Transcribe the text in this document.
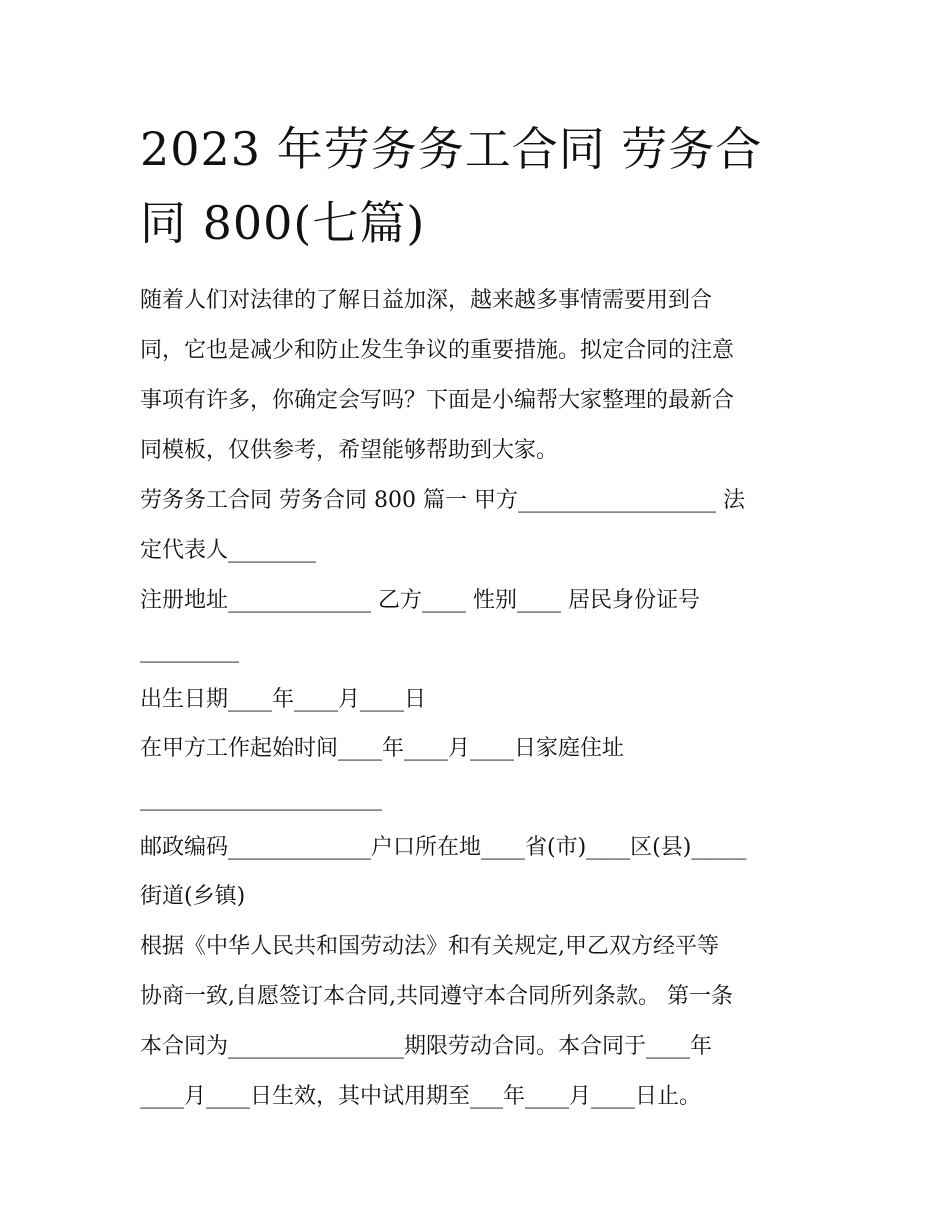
2023 年劳务务工合同 劳务合
同 800(七篇)
随着人们对法律的了解日益加深，越来越多事情需要用到合
同，它也是减少和防止发生争议的重要措施。拟定合同的注意
事项有许多，你确定会写吗？下面是小编帮大家整理的最新合
同模板，仅供参考，希望能够帮助到大家。
劳务务工合同 劳务合同 800 篇一 甲方__________________ 法
定代表人________
注册地址_____________ 乙方____ 性别____ 居民身份证号
_________
出生日期____年____月____日
在甲方工作起始时间____年____月____日家庭住址
______________________
邮政编码_____________户口所在地____省(市)____区(县)_____
街道(乡镇)
根据《中华人民共和国劳动法》和有关规定,甲乙双方经平等
协商一致,自愿签订本合同,共同遵守本合同所列条款。 第一条
本合同为________________期限劳动合同。本合同于____年
____月____日生效，其中试用期至___年____月____日止。
